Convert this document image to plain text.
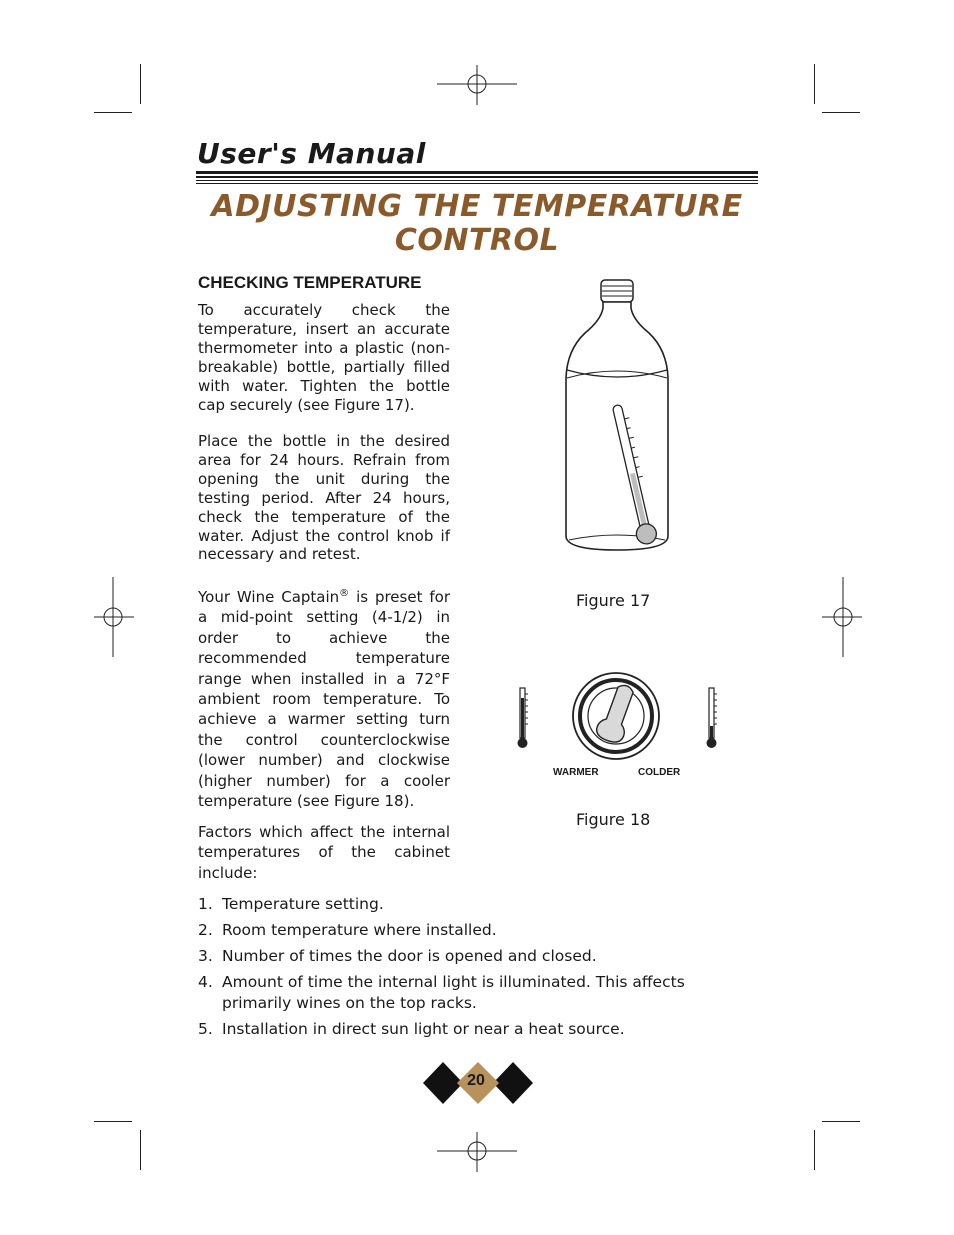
User's Manual
ADJUSTING THE TEMPERATURE
CONTROL
CHECKING TEMPERATURE
To accurately check the temperature, insert an accurate thermometer into a plastic (non-breakable) bottle, partially filled with water. Tighten the bottle cap securely (see Figure 17).
Place the bottle in the desired area for 24 hours. Refrain from opening the unit during the testing period. After 24 hours, check the temperature of the water. Adjust the control knob if necessary and retest.
Your Wine Captain® is preset for a mid-point setting (4-1/2) in order to achieve the recommended temperature range when installed in a 72°F ambient room temperature. To achieve a warmer setting turn the control counterclockwise (lower number) and clockwise (higher number) for a cooler temperature (see Figure 18).
Factors which affect the internal temperatures of the cabinet include:
1. Temperature setting.
2. Room temperature where installed.
3. Number of times the door is opened and closed.
4. Amount of time the internal light is illuminated. This affects primarily wines on the top racks.
5. Installation in direct sun light or near a heat source.
Figure 17
WARMER	COLDER
Figure 18
20
